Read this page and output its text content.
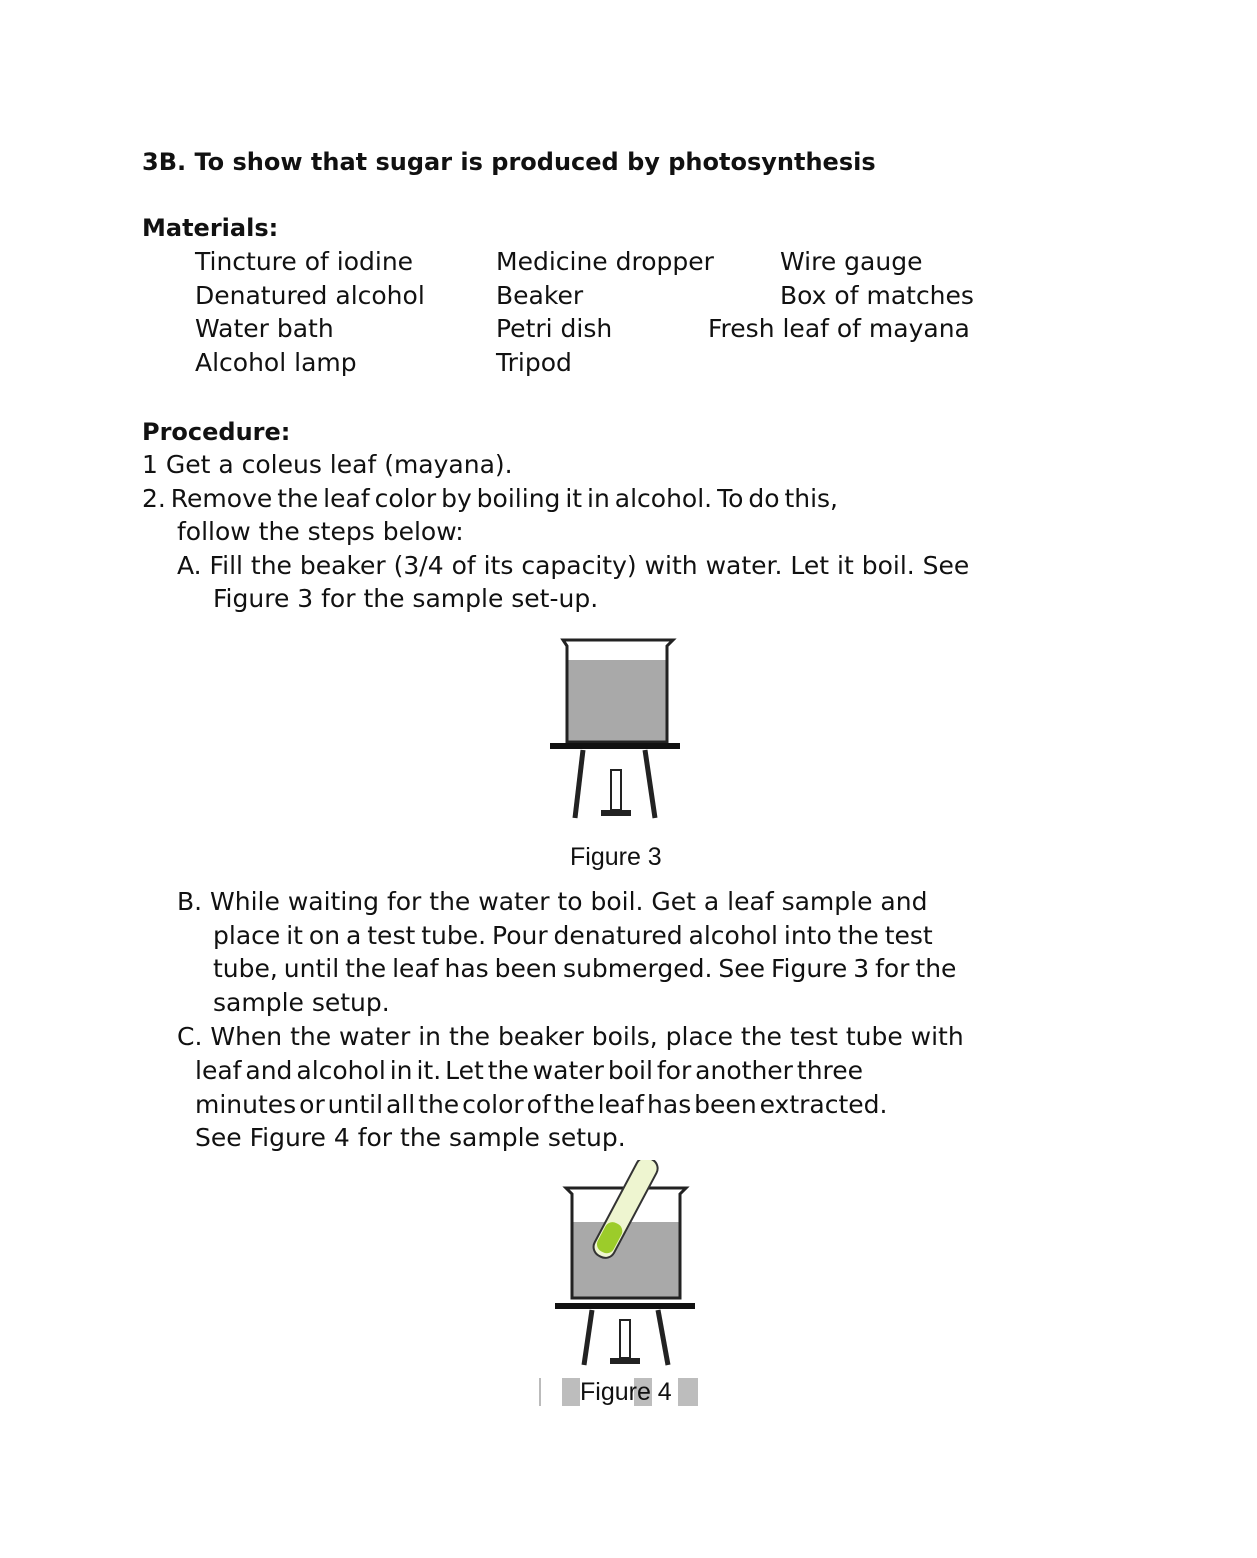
3B. To show that sugar is produced by photosynthesis
Materials:
Tincture of iodine	Medicine dropper	Wire gauge
Denatured alcohol	Beaker	Box of matches
Water bath	Petri dish	Fresh leaf of mayana
Alcohol lamp	Tripod
Procedure:
1 Get a coleus leaf (mayana).
2. Remove the leaf color by boiling it in alcohol. To do this,
follow the steps below:
A. Fill the beaker (3/4 of its capacity) with water. Let it boil. See
Figure 3 for the sample set-up.
Figure 3
B. While waiting for the water to boil. Get a leaf sample and
place it on a test tube. Pour denatured alcohol into the test
tube, until the leaf has been submerged. See Figure 3 for the
sample setup.
C. When the water in the beaker boils, place the test tube with
leaf and alcohol in it. Let the water boil for another three
minutes or until all the color of the leaf has been extracted.
See Figure 4 for the sample setup.
Figure 4
